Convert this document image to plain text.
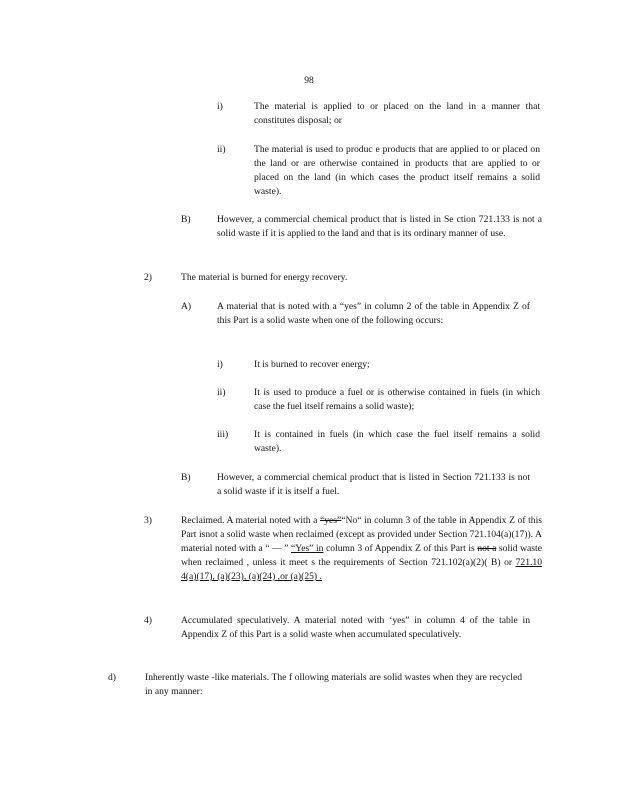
98
i)	The material is applied to or placed on the land in a manner that constitutes disposal; or
ii)	The material is used to produc e products that are applied to or placed on the land or are otherwise contained in products that are applied to or placed on the land (in which cases the product itself remains a solid waste).
B)	However, a commercial chemical product that is listed in Se ction 721.133 is not a solid waste if it is applied to the land and that is its ordinary manner of use.
2)	The material is burned for energy recovery.
A)	A material that is noted with a “yes” in column 2 of the table in Appendix Z of this Part is a solid waste when one of the following occurs:
i)	It is burned to recover energy;
ii)	It is used to produce a fuel or is otherwise contained in fuels (in which case the fuel itself remains a solid waste);
iii)	It is contained in fuels (in which case the fuel itself remains a solid waste).
B)	However, a commercial chemical product that is listed in Section 721.133 is not a solid waste if it is itself a fuel.
3)	Reclaimed. A material noted with a “yes”“No“ in column 3 of the table in Appendix Z of this Part isnot a solid waste when reclaimed (except as provided under Section 721.104(a)(17)). A material noted with a “ — ” “Yes” in column 3 of Appendix Z of this Part is not a solid waste when reclaimed , unless it meet s the requirements of Section 721.102(a)(2)( B) or 721.10 4(a)(17), (a)(23), (a)(24) ,or (a)(25) .
4)	Accumulated speculatively. A material noted with ‘yes” in column 4 of the table in Appendix Z of this Part is a solid waste when accumulated speculatively.
d)	Inherently waste -like materials. The f ollowing materials are solid wastes when they are recycled in any manner:
